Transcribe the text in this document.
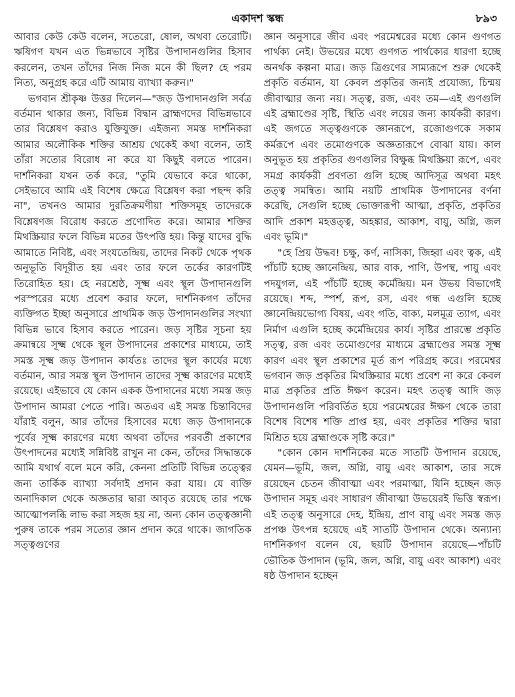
একাদশ স্কন্ধ	৮৯৩

আবার কেউ কেউ বলেন, সতেরো, ষোল, অথবা তেরোটি। ঋষিগণ যখন এত ভিন্নভাবে সৃষ্টির উপাদানগুলির হিসাব করলেন, তখন তাঁদের নিজ নিজ মনে কী ছিল? হে পরম নিত্য, অনুগ্রহ করে এটি আমায় ব্যাখ্যা করুন।"

ভগবান শ্রীকৃষ্ণ উত্তর দিলেন—"জড় উপাদানগুলি সর্বত্র বর্তমান থাকার জন্য, বিভিন্ন বিদ্বান ব্রাহ্মণদের বিভিন্নভাবে তার বিশ্লেষণ করাও যুক্তিযুক্ত। এইজন্য সমস্ত দার্শনিকরা আমার অলৌকিক শক্তির আশ্রয় থেকেই কথা বলেন, তাই তাঁরা সত্যের বিরোধ না করে যা কিছুই বলতে পারেন। দার্শনিকরা যখন তর্ক করে, "তুমি যেভাবে করে থাকো, সেইভাবে আমি এই বিশেষ ক্ষেত্রে বিশ্লেষণ করা পছন্দ করি না", তখনও আমার দুরতিক্রমণীয়া শক্তিসমূহ তাদেরকে বিশ্লেষণজ বিরোধ করতে প্রণোদিত করে। আমার শক্তির মিথস্ক্রিয়ার ফলে বিভিন্ন মতের উৎপত্তি হয়। কিন্তু যাদের বুদ্ধি আমাতে নিবিষ্ট, এবং সংযতেন্দ্রিয়, তাদের নিকট থেকে পৃথক অনুভূতি বিদূরীত হয় এবং তার ফলে তর্কের কারণটিই তিরোহিত হয়। হে নরশ্রেষ্ঠ, সূক্ষ্ম এবং স্থূল উপাদানগুলি পরস্পরের মধ্যে প্রবেশ করার ফলে, দার্শনিকগণ তাঁদের ব্যক্তিগত ইচ্ছা অনুসারে প্রাথমিক জড় উপাদানগুলির সংখ্যা বিভিন্ন ভাবে হিসাব করতে পারেন। জড় সৃষ্টির সূচনা হয় ক্রমান্বয়ে সূক্ষ্ম থেকে স্থূল উপাদানের প্রকাশের মাধ্যমে, তাই সমস্ত সূক্ষ্ম জড় উপাদান কার্যতঃ তাদের স্থূল কার্যের মধ্যে বর্তমান, আর সমস্ত স্থূল উপাদান তাদের সূক্ষ্ম কারণের মধ্যেই রয়েছে। এইভাবে যে কোন একক উপাদানের মধ্যে সমস্ত জড় উপাদান আমরা পেতে পারি। অতএব এই সমস্ত চিন্তাবিদের যাঁরাই বলুন, আর তাঁদের হিসাবের মধ্যে জড় উপাদানকে পূর্বের সূক্ষ্ম কারণের মধ্যে অথবা তাঁদের পরবর্তী প্রকাশের উৎপাদনের মধ্যেই সন্নিবিষ্ট রাখুন না কেন, তাঁদের সিদ্ধান্তকে আমি যথার্থ বলে মনে করি, কেননা প্রতিটি বিভিন্ন তত্ত্বের জন্য তার্কিক ব্যাখ্যা সর্বদাই প্রদান করা যায়। যে ব্যক্তি অনাদিকাল থেকে অজ্ঞতার দ্বারা আবৃত রয়েছে তার পক্ষে আত্মোপলব্ধি লাভ করা সহজ হয় না, অন্য কোন তত্ত্বজ্ঞানী পুরুষ তাকে পরম সত্যের জ্ঞান প্রদান করে থাকে। জাগতিক সত্ত্বগুণের

জ্ঞান অনুসারে জীব এবং পরমেশ্বরের মধ্যে কোন গুণগত পার্থক্য নেই। উভয়ের মধ্যে গুণগত পার্থক্যের ধারণা হচ্ছে অনর্থক কল্পনা মাত্র। জড় ত্রিগুণের সাম্যরূপে শুরু থেকেই প্রকৃতি বর্তমান, যা কেবল প্রকৃতির জন্যই প্রযোজ্য, চিন্ময় জীবাত্মার জন্য নয়। সত্ত্ব, রজ, এবং তম—এই গুণগুলি এই ব্রহ্মাণ্ডের সৃষ্টি, স্থিতি এবং লয়ের জন্য কার্যকরী কারণ। এই জগতে সত্ত্বগুণকে জ্ঞানরূপে, রজোগুণকে সকাম কর্মরূপে এবং তমোগুণকে অজ্ঞতারূপে বোঝা যায়। কাল অনুভূত হয় প্রকৃতির গুণগুলির বিক্ষুব্ধ মিথস্ক্রিয়া রূপে, এবং সমগ্র কার্যকরী প্রবণতা গুলি হচ্ছে আদিসূত্র অথবা মহৎ তত্ত্ব সমন্বিত। আমি নয়টি প্রাথমিক উপাদানের বর্ণনা করেছি, সেগুলি হচ্ছে ভোক্তারূপী আত্মা, প্রকৃতি, প্রকৃতির আদি প্রকাশ মহত্তত্ত্ব, অহঙ্কার, আকাশ, বায়ু, অগ্নি, জল এবং ভূমি।"

"হে প্রিয় উদ্ধব! চক্ষু, কর্ণ, নাসিকা, জিহ্বা এবং ত্বক, এই পাঁচটি হচ্ছে জ্ঞানেন্দ্রিয়, আর বাক, পাণি, উপস্থ, পায়ু এবং পদযুগল, এই পাঁচটি হচ্ছে কর্মেন্দ্রিয়। মন উভয় বিভাগেই রয়েছে। শব্দ, স্পর্শ, রূপ, রস, এবং গন্ধ এগুলি হচ্ছে জ্ঞানেন্দ্রিয়ভোগ্য বিষয়, এবং গতি, বাক্য, মলমূত্র ত্যাগ, এবং নির্মাণ এগুলি হচ্ছে কর্মেন্দ্রিয়ের কার্য। সৃষ্টির প্রারম্ভে প্রকৃতি সত্ত্ব, রজ এবং তমোগুণের মাধ্যমে ব্রহ্মাণ্ডের সমস্ত সূক্ষ্ম কারণ এবং স্থূল প্রকাশের মূর্ত রূপ পরিগ্রহ করে। পরমেশ্বর ভগবান জড় প্রকৃতির মিথস্ক্রিয়ার মধ্যে প্রবেশ না করে কেবল মাত্র প্রকৃতির প্রতি ঈক্ষণ করেন। মহৎ তত্ত্ব আদি জড় উপাদানগুলি পরিবর্তিত হয়ে পরমেশ্বরের ঈক্ষণ থেকে তারা বিশেষ বিশেষ শক্তি প্রাপ্ত হয়, এবং প্রকৃতির শক্তির দ্বারা মিশ্রিত হয়ে ব্রহ্মাণ্ডকে সৃষ্টি করে।"

"কোন কোন দার্শনিকের মতে সাতটি উপাদান রয়েছে, যেমন—ভূমি, জল, অগ্নি, বায়ু এবং আকাশ, তার সঙ্গে রয়েছেন চেতন জীবাত্মা এবং পরমাত্মা, যিনি হচ্ছেন জড় উপাদান সমূহ এবং সাধারণ জীবাত্মা উভয়েরই ভিত্তি স্বরূপ। এই তত্ত্ব অনুসারে দেহ, ইন্দ্রিয়, প্রাণ বায়ু এবং সমস্ত জড় প্রপঞ্চ উৎপন্ন হয়েছে এই সাতটি উপাদান থেকে। অন্যান্য দার্শনিকগণ বলেন যে, ছয়টি উপাদান রয়েছে—পাঁচটি ভৌতিক উপাদান (ভূমি, জল, অগ্নি, বায়ু এবং আকাশ) এবং ষষ্ঠ উপাদান হচ্ছেন
